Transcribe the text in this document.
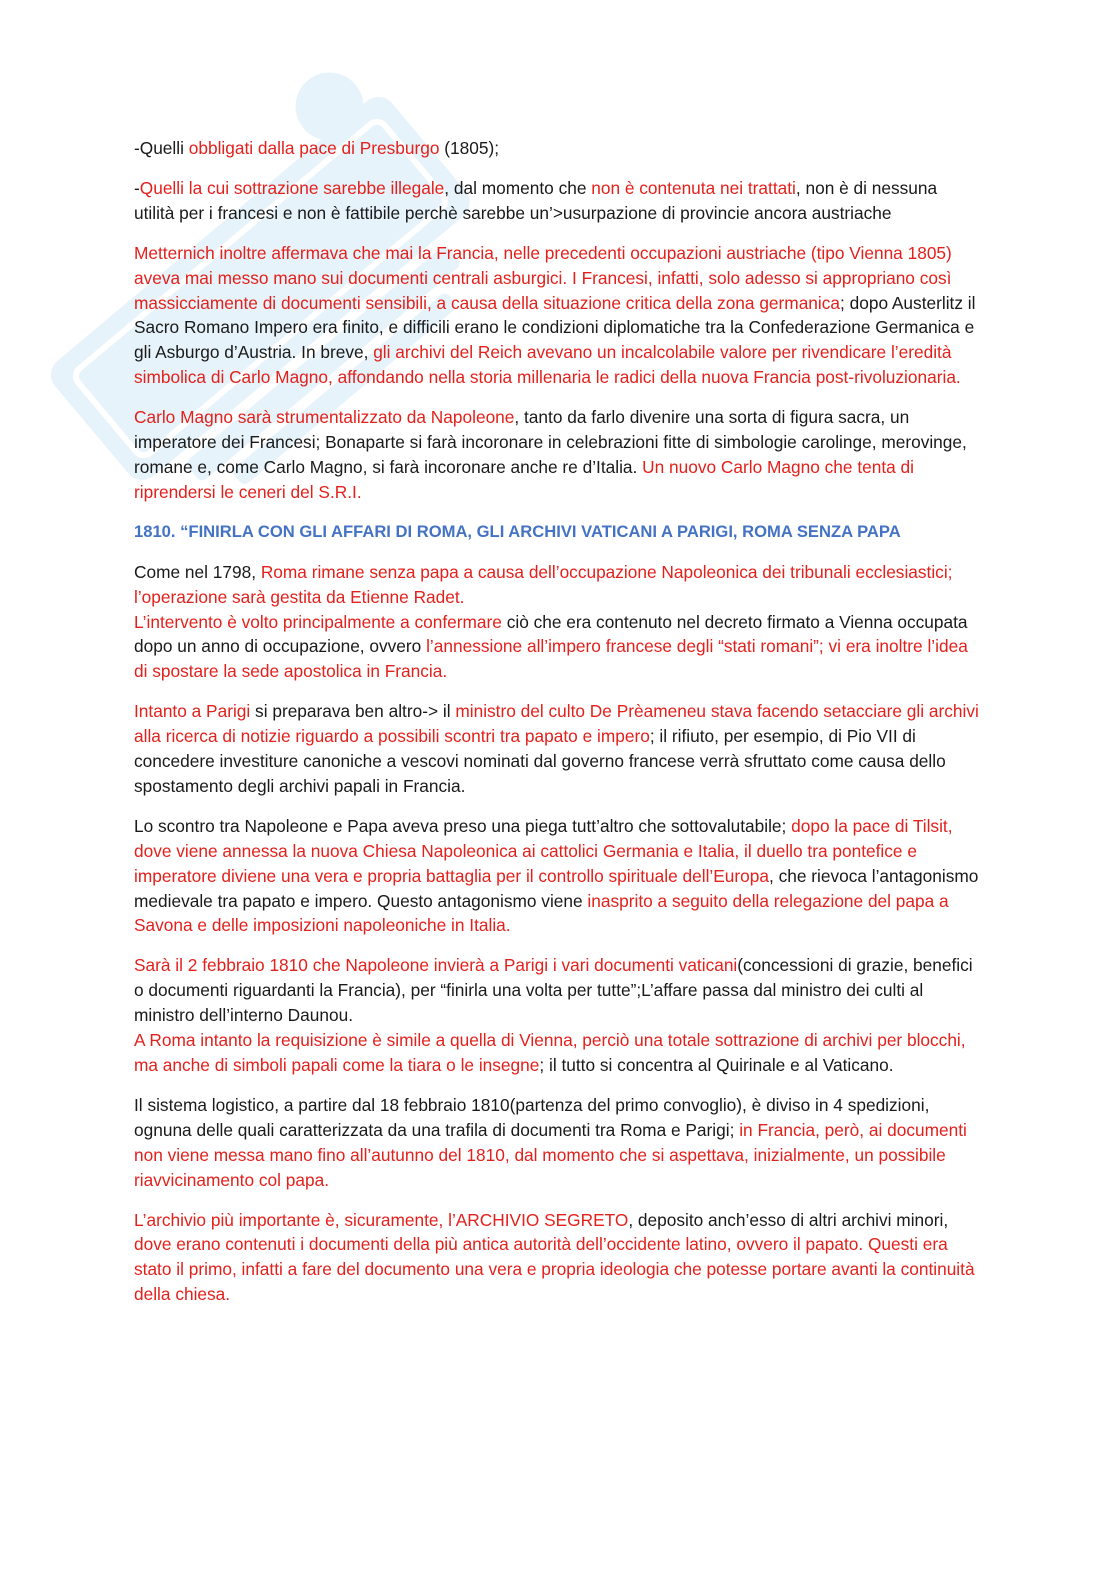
-Quelli obbligati dalla pace di Presburgo (1805);

-Quelli la cui sottrazione sarebbe illegale, dal momento che non è contenuta nei trattati, non è di nessuna utilità per i francesi e non è fattibile perchè sarebbe un’>usurpazione di provincie ancora austriache

Metternich inoltre affermava che mai la Francia, nelle precedenti occupazioni austriache (tipo Vienna 1805) aveva mai messo mano sui documenti centrali asburgici. I Francesi, infatti, solo adesso si appropriano così massicciamente di documenti sensibili, a causa della situazione critica della zona germanica; dopo Austerlitz il Sacro Romano Impero era finito, e difficili erano le condizioni diplomatiche tra la Confederazione Germanica e gli Asburgo d’Austria. In breve, gli archivi del Reich avevano un incalcolabile valore per rivendicare l’eredità simbolica di Carlo Magno, affondando nella storia millenaria le radici della nuova Francia post-rivoluzionaria.

Carlo Magno sarà strumentalizzato da Napoleone, tanto da farlo divenire una sorta di figura sacra, un imperatore dei Francesi; Bonaparte si farà incoronare in celebrazioni fitte di simbologie carolinge, merovinge, romane e, come Carlo Magno, si farà incoronare anche re d’Italia. Un nuovo Carlo Magno che tenta di riprendersi le ceneri del S.R.I.

1810. “FINIRLA CON GLI AFFARI DI ROMA, GLI ARCHIVI VATICANI A PARIGI, ROMA SENZA PAPA

Come nel 1798, Roma rimane senza papa a causa dell’occupazione Napoleonica dei tribunali ecclesiastici; l’operazione sarà gestita da Etienne Radet.

L’intervento è volto principalmente a confermare ciò che era contenuto nel decreto firmato a Vienna occupata dopo un anno di occupazione, ovvero l’annessione all’impero francese degli “stati romani”; vi era inoltre l’idea di spostare la sede apostolica in Francia.

Intanto a Parigi si preparava ben altro-> il ministro del culto De Prèameneu stava facendo setacciare gli archivi alla ricerca di notizie riguardo a possibili scontri tra papato e impero; il rifiuto, per esempio, di Pio VII di concedere investiture canoniche a vescovi nominati dal governo francese verrà sfruttato come causa dello spostamento degli archivi papali in Francia.

Lo scontro tra Napoleone e Papa aveva preso una piega tutt’altro che sottovalutabile; dopo la pace di Tilsit, dove viene annessa la nuova Chiesa Napoleonica ai cattolici Germania e Italia, il duello tra pontefice e imperatore diviene una vera e propria battaglia per il controllo spirituale dell’Europa, che rievoca l’antagonismo medievale tra papato e impero. Questo antagonismo viene inasprito a seguito della relegazione del papa a Savona e delle imposizioni napoleoniche in Italia.

Sarà il 2 febbraio 1810 che Napoleone invierà a Parigi i vari documenti vaticani(concessioni di grazie, benefici o documenti riguardanti la Francia), per “finirla una volta per tutte”;L’affare passa dal ministro dei culti al ministro dell’interno Daunou.

A Roma intanto la requisizione è simile a quella di Vienna, perciò una totale sottrazione di archivi per blocchi, ma anche di simboli papali come la tiara o le insegne; il tutto si concentra al Quirinale e al Vaticano.

Il sistema logistico, a partire dal 18 febbraio 1810(partenza del primo convoglio), è diviso in 4 spedizioni, ognuna delle quali caratterizzata da una trafila di documenti tra Roma e Parigi; in Francia, però, ai documenti non viene messa mano fino all’autunno del 1810, dal momento che si aspettava, inizialmente, un possibile riavvicinamento col papa.

L’archivio più importante è, sicuramente, l’ARCHIVIO SEGRETO, deposito anch’esso di altri archivi minori, dove erano contenuti i documenti della più antica autorità dell’occidente latino, ovvero il papato. Questi era stato il primo, infatti a fare del documento una vera e propria ideologia che potesse portare avanti la continuità della chiesa.
